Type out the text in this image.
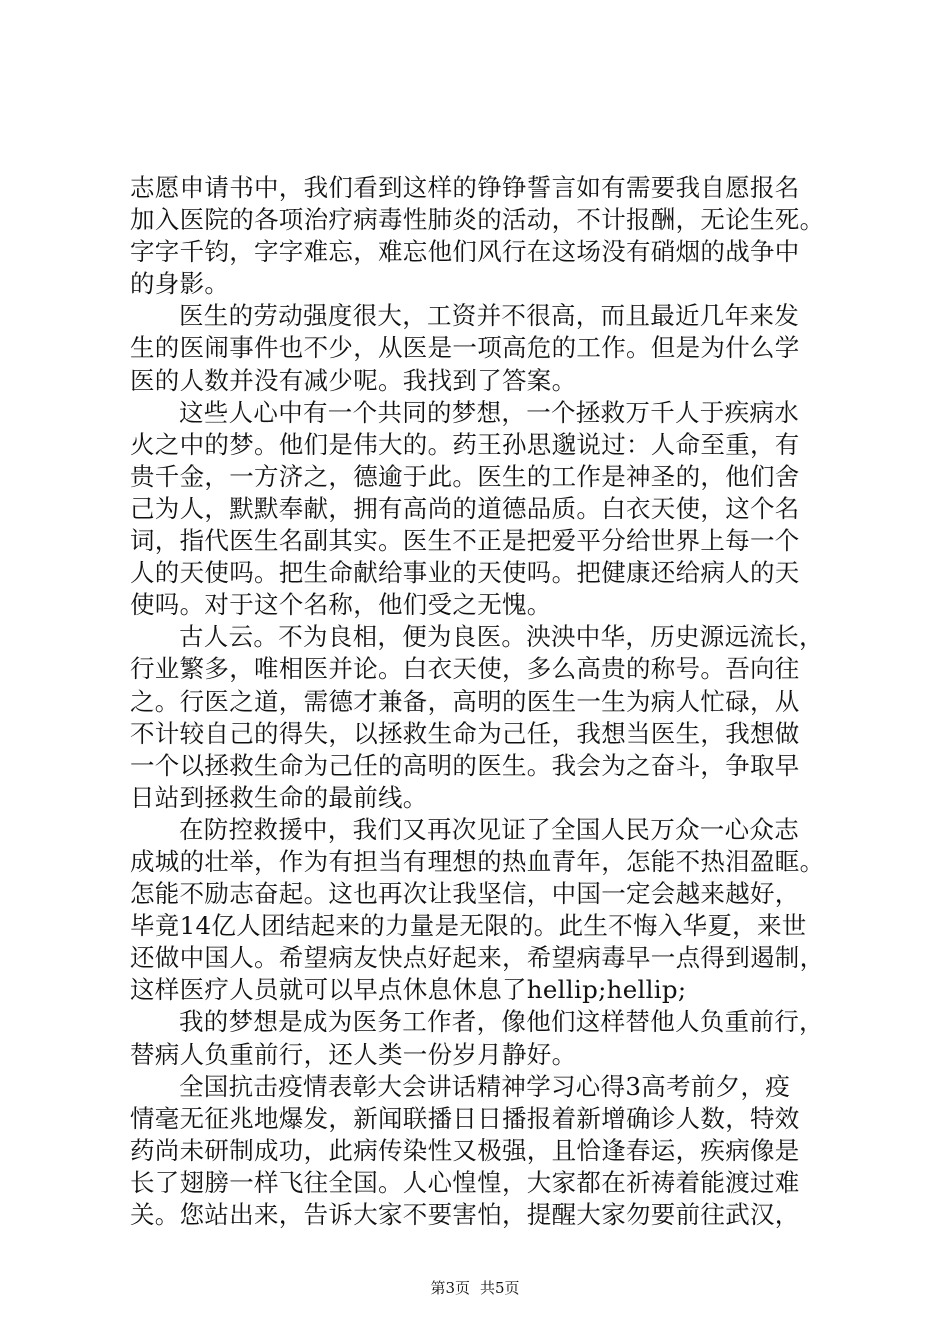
志愿申请书中，我们看到这样的铮铮誓言如有需要我自愿报名
加入医院的各项治疗病毒性肺炎的活动，不计报酬，无论生死。
字字千钧，字字难忘，难忘他们风行在这场没有硝烟的战争中
的身影。
医生的劳动强度很大，工资并不很高，而且最近几年来发
生的医闹事件也不少，从医是一项高危的工作。但是为什么学
医的人数并没有减少呢。我找到了答案。
这些人心中有一个共同的梦想，一个拯救万千人于疾病水
火之中的梦。他们是伟大的。药王孙思邈说过：人命至重，有
贵千金，一方济之，德逾于此。医生的工作是神圣的，他们舍
己为人，默默奉献，拥有高尚的道德品质。白衣天使，这个名
词，指代医生名副其实。医生不正是把爱平分给世界上每一个
人的天使吗。把生命献给事业的天使吗。把健康还给病人的天
使吗。对于这个名称，他们受之无愧。
古人云。不为良相，便为良医。泱泱中华，历史源远流长，
行业繁多，唯相医并论。白衣天使，多么高贵的称号。吾向往
之。行医之道，需德才兼备，高明的医生一生为病人忙碌，从
不计较自己的得失，以拯救生命为己任，我想当医生，我想做
一个以拯救生命为己任的高明的医生。我会为之奋斗，争取早
日站到拯救生命的最前线。
在防控救援中，我们又再次见证了全国人民万众一心众志
成城的壮举，作为有担当有理想的热血青年，怎能不热泪盈眶。
怎能不励志奋起。这也再次让我坚信，中国一定会越来越好，
毕竟14亿人团结起来的力量是无限的。此生不悔入华夏，来世
还做中国人。希望病友快点好起来，希望病毒早一点得到遏制，
这样医疗人员就可以早点休息休息了hellip;hellip;
我的梦想是成为医务工作者，像他们这样替他人负重前行，
替病人负重前行，还人类一份岁月静好。
全国抗击疫情表彰大会讲话精神学习心得3高考前夕，疫
情毫无征兆地爆发，新闻联播日日播报着新增确诊人数，特效
药尚未研制成功，此病传染性又极强，且恰逢春运，疾病像是
长了翅膀一样飞往全国。人心惶惶，大家都在祈祷着能渡过难
关。您站出来，告诉大家不要害怕，提醒大家勿要前往武汉，
第3页 共5页
